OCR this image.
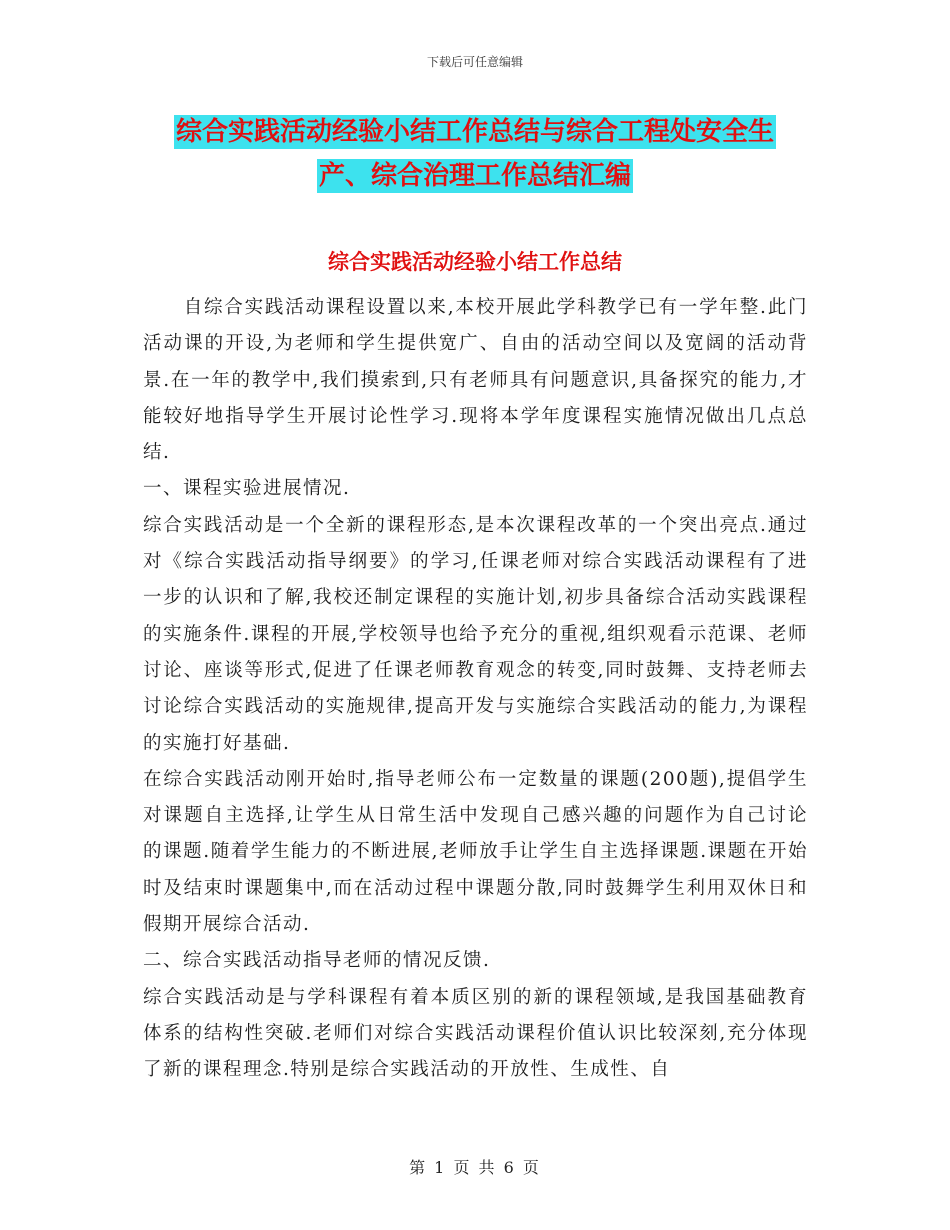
下载后可任意编辑
综合实践活动经验小结工作总结与综合工程处安全生
产、综合治理工作总结汇编
综合实践活动经验小结工作总结

自综合实践活动课程设置以来,本校开展此学科教学已有一学年整.此门活动课的开设,为老师和学生提供宽广、自由的活动空间以及宽阔的活动背景.在一年的教学中,我们摸索到,只有老师具有问题意识,具备探究的能力,才能较好地指导学生开展讨论性学习.现将本学年度课程实施情况做出几点总结.

一、课程实验进展情况.

综合实践活动是一个全新的课程形态,是本次课程改革的一个突出亮点.通过对《综合实践活动指导纲要》的学习,任课老师对综合实践活动课程有了进一步的认识和了解,我校还制定课程的实施计划,初步具备综合活动实践课程的实施条件.课程的开展,学校领导也给予充分的重视,组织观看示范课、老师讨论、座谈等形式,促进了任课老师教育观念的转变,同时鼓舞、支持老师去讨论综合实践活动的实施规律,提高开发与实施综合实践活动的能力,为课程的实施打好基础.

在综合实践活动刚开始时,指导老师公布一定数量的课题(200题),提倡学生对课题自主选择,让学生从日常生活中发现自己感兴趣的问题作为自己讨论的课题.随着学生能力的不断进展,老师放手让学生自主选择课题.课题在开始时及结束时课题集中,而在活动过程中课题分散,同时鼓舞学生利用双休日和假期开展综合活动.

二、综合实践活动指导老师的情况反馈.

综合实践活动是与学科课程有着本质区别的新的课程领域,是我国基础教育体系的结构性突破.老师们对综合实践活动课程价值认识比较深刻,充分体现了新的课程理念.特别是综合实践活动的开放性、生成性、自

第 1 页 共 6 页
